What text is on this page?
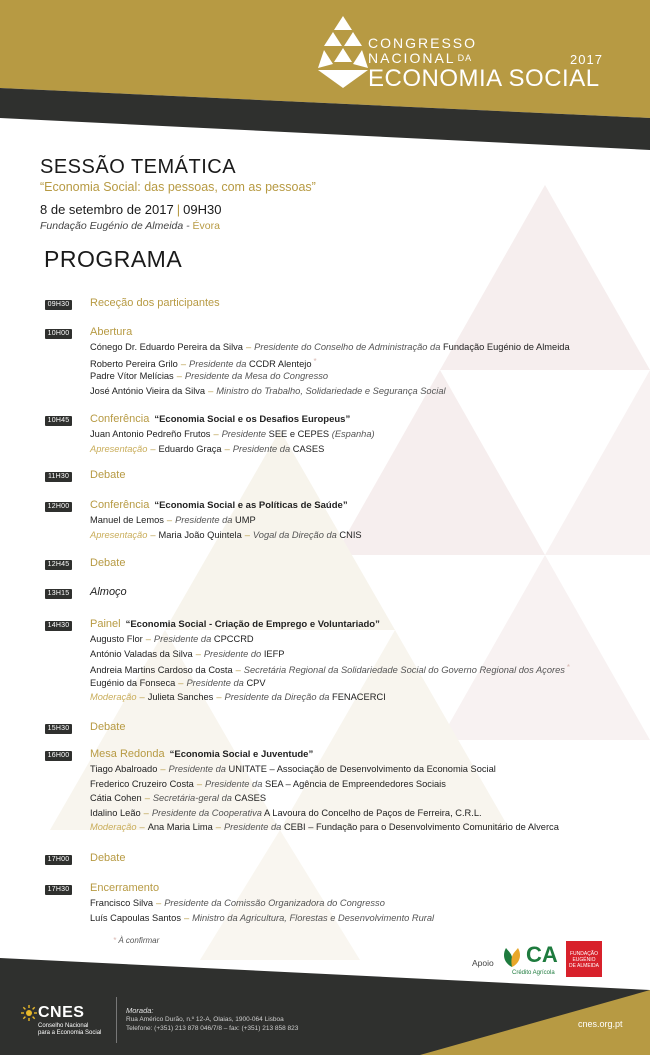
CONGRESSO
NACIONAL DA
ECONOMIA SOCIAL
2017
SESSÃO TEMÁTICA
“Economia Social: das pessoas, com as pessoas”
8 de setembro de 2017 | 09H30
Fundação Eugénio de Almeida - Évora
PROGRAMA
09H30 Receção dos participantes
10H00 Abertura
Cónego Dr. Eduardo Pereira da Silva – Presidente do Conselho de Administração da Fundação Eugénio de Almeida
Roberto Pereira Grilo – Presidente da CCDR Alentejo *
Padre Vítor Melícias – Presidente da Mesa do Congresso
José António Vieira da Silva – Ministro do Trabalho, Solidariedade e Segurança Social
10H45 Conferência “Economia Social e os Desafios Europeus”
Juan Antonio Pedreño Frutos – Presidente SEE e CEPES (Espanha)
Apresentação – Eduardo Graça – Presidente da CASES
11H30 Debate
12H00 Conferência “Economia Social e as Políticas de Saúde”
Manuel de Lemos – Presidente da UMP
Apresentação – Maria João Quintela – Vogal da Direção da CNIS
12H45 Debate
13H15 Almoço
14H30 Painel “Economia Social - Criação de Emprego e Voluntariado”
Augusto Flor – Presidente da CPCCRD
António Valadas da Silva – Presidente do IEFP
Andreia Martins Cardoso da Costa – Secretária Regional da Solidariedade Social do Governo Regional dos Açores *
Eugénio da Fonseca – Presidente da CPV
Moderação – Julieta Sanches – Presidente da Direção da FENACERCI
15H30 Debate
16H00 Mesa Redonda “Economia Social e Juventude”
Tiago Abalroado – Presidente da UNITATE – Associação de Desenvolvimento da Economia Social
Frederico Cruzeiro Costa – Presidente da SEA – Agência de Empreendedores Sociais
Cátia Cohen – Secretária-geral da CASES
Idalino Leão – Presidente da Cooperativa A Lavoura do Concelho de Paços de Ferreira, C.R.L.
Moderação – Ana Maria Lima – Presidente da CEBI – Fundação para o Desenvolvimento Comunitário de Alverca
17H00 Debate
17H30 Encerramento
Francisco Silva – Presidente da Comissão Organizadora do Congresso
Luís Capoulas Santos – Ministro da Agricultura, Florestas e Desenvolvimento Rural
* À confirmar
Apoio CA
Crédito Agrícola
FUNDAÇÃO
EUGÉNIO
DE ALMEIDA
CNES
Conselho Nacional
para a Economia Social
Morada:
Rua Américo Durão, n.º 12-A, Olaias, 1900-064 Lisboa
Telefone: (+351) 213 878 046/7/8 – fax: (+351) 213 858 823	cnes.org.pt
